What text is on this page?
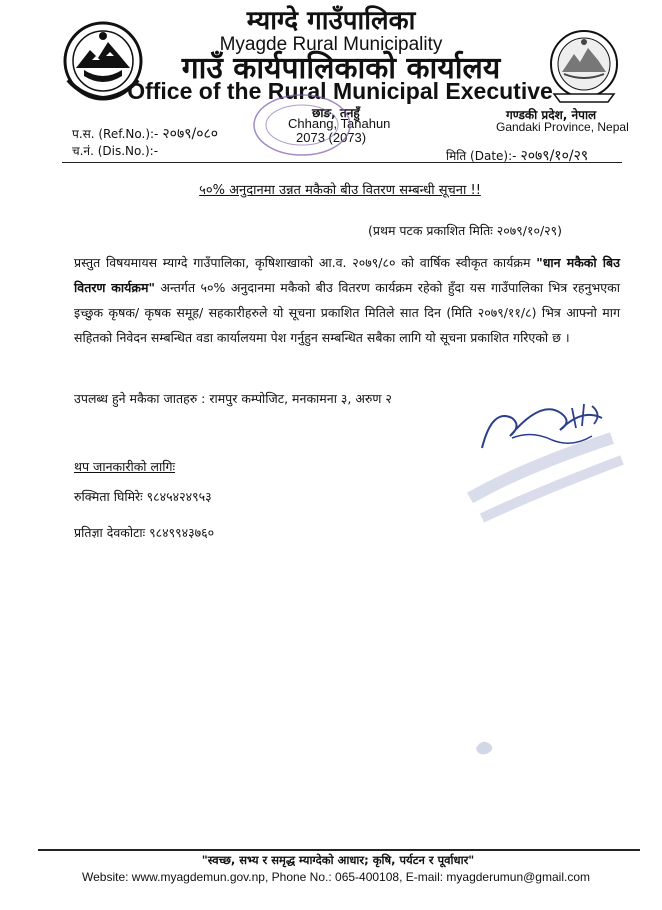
म्याग्दे गाउँपालिका
Myagde Rural Municipality
गाउँ कार्यपालिकाको कार्यालय
Office of the Rural Municipal Executive
छाङ, तनहुँ
Chhang, Tanahun
2073 (2073)
गण्डकी प्रदेश, नेपाल
Gandaki Province, Nepal
प.स. (Ref.No.):- २०७९/०८०
च.नं. (Dis.No.):-	मिति (Date):- २०७९/१०/२९
५०% अनुदानमा उन्नत मकैको बीउ वितरण सम्बन्धी सूचना !!
(प्रथम पटक प्रकाशित मितिः २०७९/१०/२९)
प्रस्तुत विषयमायस म्याग्दे गाउँपालिका, कृषिशाखाको आ.व. २०७९/८० को वार्षिक स्वीकृत कार्यक्रम "धान मकैको बिउ वितरण कार्यक्रम" अन्तर्गत ५०% अनुदानमा मकैको बीउ वितरण कार्यक्रम रहेको हुँदा यस गाउँपालिका भित्र रहनुभएका इच्छुक कृषक/ कृषक समूह/ सहकारीहरुले यो सूचना प्रकाशित मितिले सात दिन (मिति २०७९/११/८) भित्र आफ्नो माग सहितको निवेदन सम्बन्धित वडा कार्यालयमा पेश गर्नुहुन सम्बन्धित सबैका लागि यो सूचना प्रकाशित गरिएको छ ।
उपलब्ध हुने मकैका जातहरु : रामपुर कम्पोजिट, मनकामना ३, अरुण २
थप जानकारीको लागिः
रुक्मिता घिमिरेः ९८४५४२४९५३
प्रतिज्ञा देवकोटाः ९८४९९४३७६०
"स्वच्छ, सभ्य र समृद्ध म्याग्देको आधार; कृषि, पर्यटन र पूर्वाधार"
Website: www.myagdemun.gov.np, Phone No.: 065-400108, E-mail: myagderumun@gmail.com
